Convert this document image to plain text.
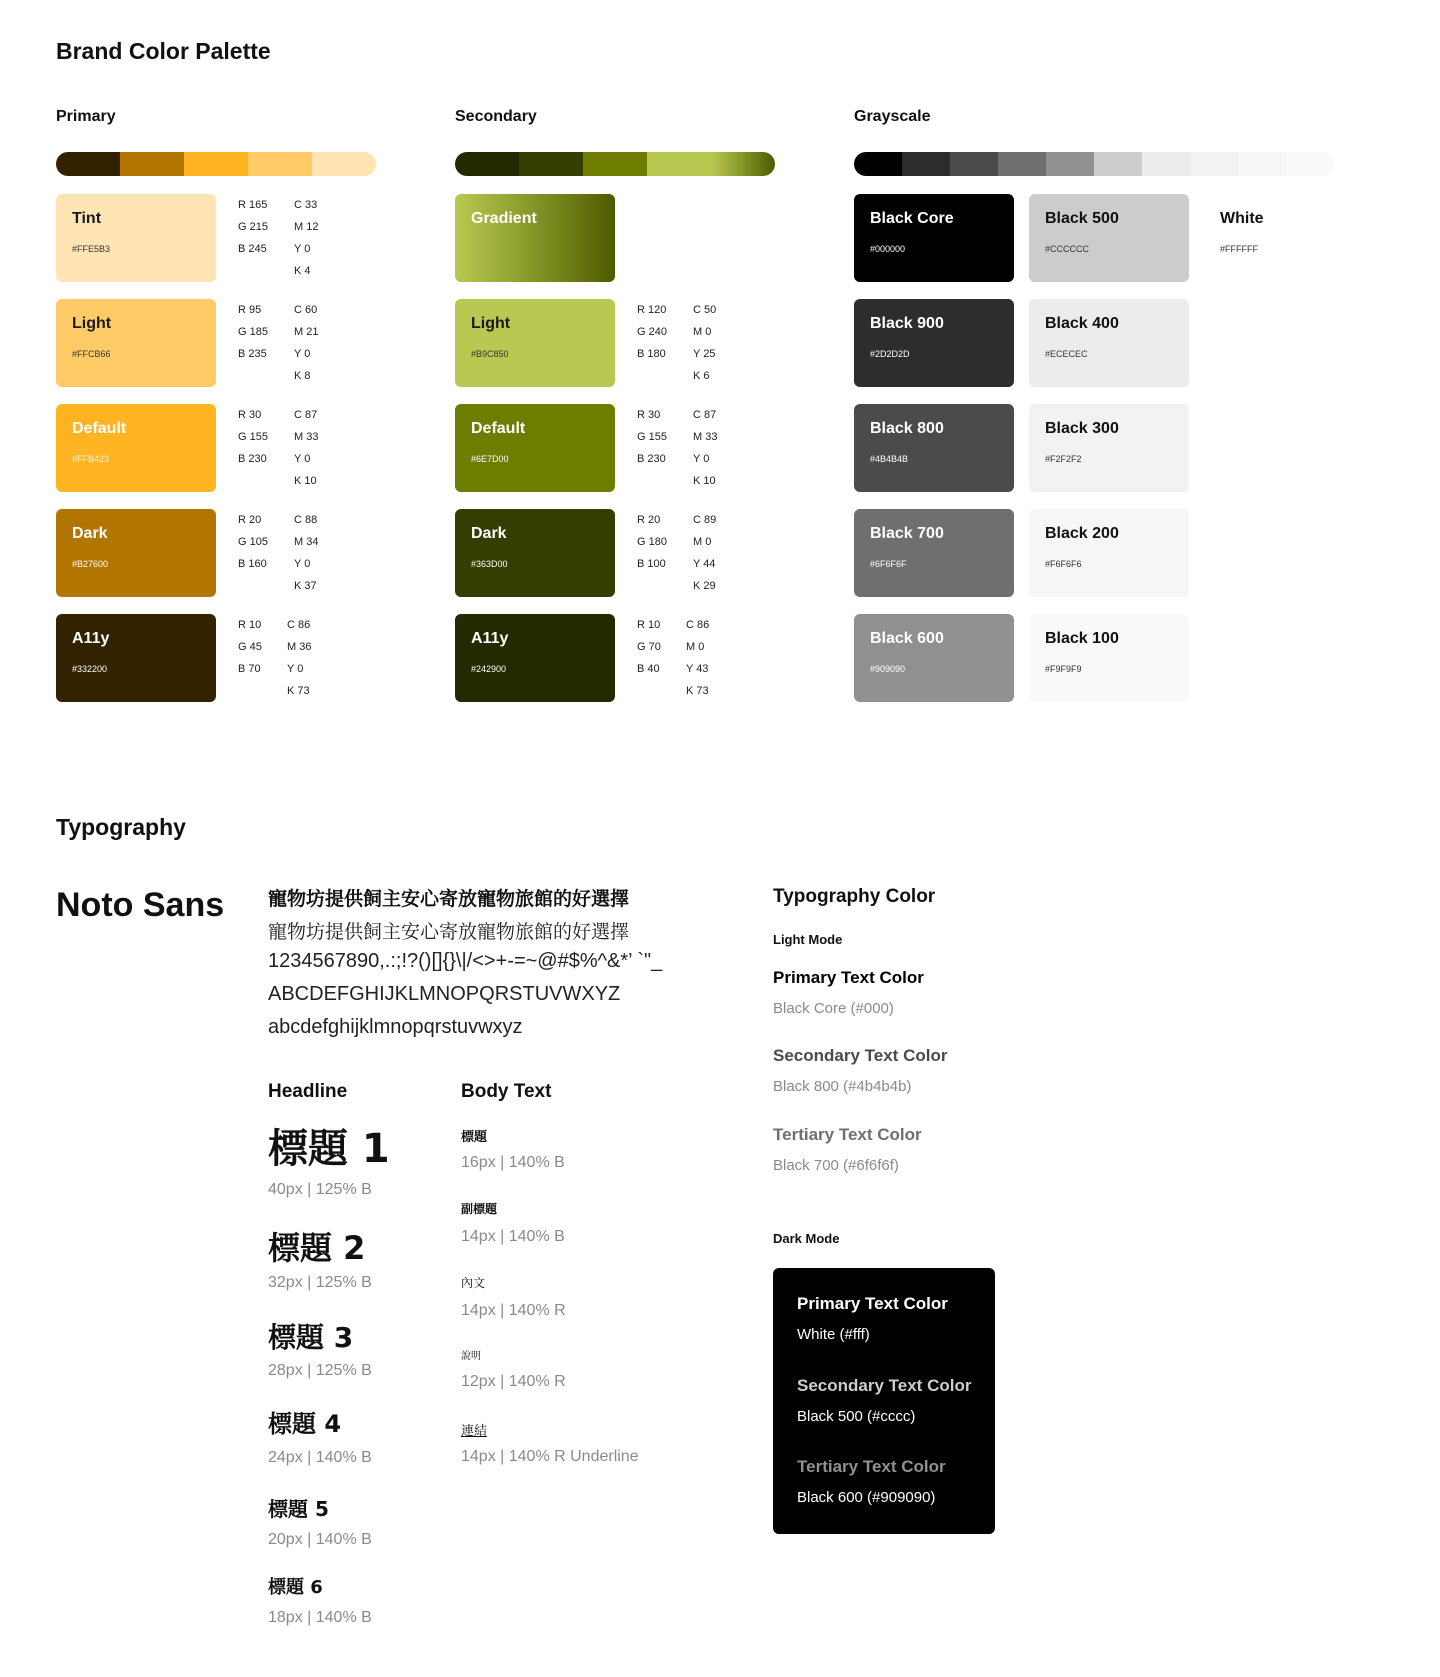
Brand Color Palette
Primary	Secondary	Grayscale
Tint
#FFE5B3
R 165
G 215
B 245
C 33
M 12
Y 0
K 4
Light
#FFCB66
R 95
G 185
B 235
C 60
M 21
Y 0
K 8
Default
#FFB423
R 30
G 155
B 230
C 87
M 33
Y 0
K 10
Dark
#B27600
R 20
G 105
B 160
C 88
M 34
Y 0
K 37
A11y
#332200
R 10
G 45
B 70
C 86
M 36
Y 0
K 73
Gradient
Light
#B9C850
R 120
G 240
B 180
C 50
M 0
Y 25
K 6
Default
#6E7D00
R 30
G 155
B 230
C 87
M 33
Y 0
K 10
Dark
#363D00
R 20
G 180
B 100
C 89
M 0
Y 44
K 29
A11y
#242900
R 10
G 70
B 40
C 86
M 0
Y 43
K 73
Black Core
#000000
Black 900
#2D2D2D
Black 800
#4B4B4B
Black 700
#6F6F6F
Black 600
#909090
Black 500
#CCCCCC
Black 400
#ECECEC
Black 300
#F2F2F2
Black 200
#F6F6F6
Black 100
#F9F9F9
White
#FFFFFF
Typography
Noto Sans 寵物坊提供飼主安心寄放寵物旅館的好選擇
寵物坊提供飼主安心寄放寵物旅館的好選擇
1234567890,.:;!?()[]{}\|/<>+-=~@#$%^&*’ `"_
ABCDEFGHIJKLMNOPQRSTUVWXYZ
abcdefghijklmnopqrstuvwxyz
Headline
標題 1
40px | 125% B
標題 2
32px | 125% B
標題 3
28px | 125% B
標題 4
24px | 140% B
標題 5
20px | 140% B
標題 6
18px | 140% B
Body Text
標題
16px | 140% B
副標題
14px | 140% B
內文
14px | 140% R
說明
12px | 140% R
連結
14px | 140% R Underline
Typography Color
Light Mode
Primary Text Color
Black Core (#000)
Secondary Text Color
Black 800 (#4b4b4b)
Tertiary Text Color
Black 700 (#6f6f6f)
Dark Mode
Primary Text Color
White (#fff)
Secondary Text Color
Black 500 (#cccc)
Tertiary Text Color
Black 600 (#909090)
